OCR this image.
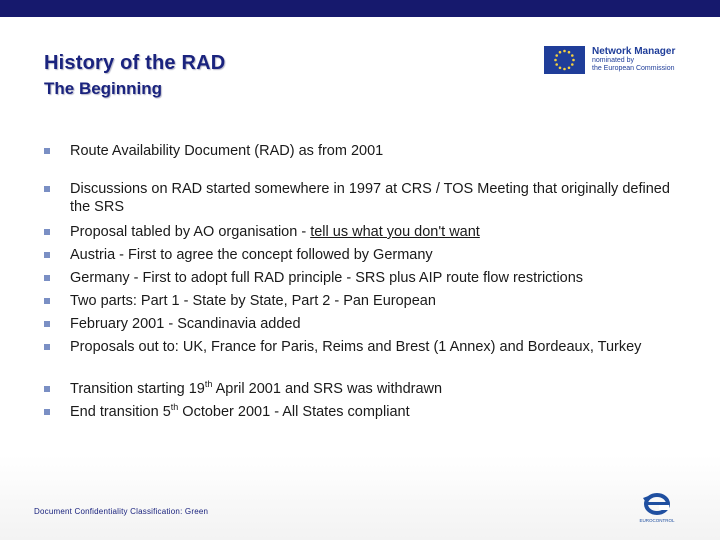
History of the RAD
The Beginning
Network Manager
nominated by
the European Commission
Route Availability Document (RAD) as from 2001
Discussions on RAD started somewhere in 1997 at CRS / TOS Meeting that originally defined the SRS
Proposal tabled by AO organisation - tell us what you don't want
Austria - First to agree the concept followed by Germany
Germany - First to adopt full RAD principle - SRS plus AIP route flow restrictions
Two parts: Part 1 - State by State, Part 2 - Pan European
February 2001 - Scandinavia added
Proposals out to: UK, France for Paris, Reims and Brest (1 Annex) and Bordeaux, Turkey
Transition starting 19th April 2001 and SRS was withdrawn
End transition 5th October 2001 - All States compliant
Document Confidentiality Classification: Green
EUROCONTROL
